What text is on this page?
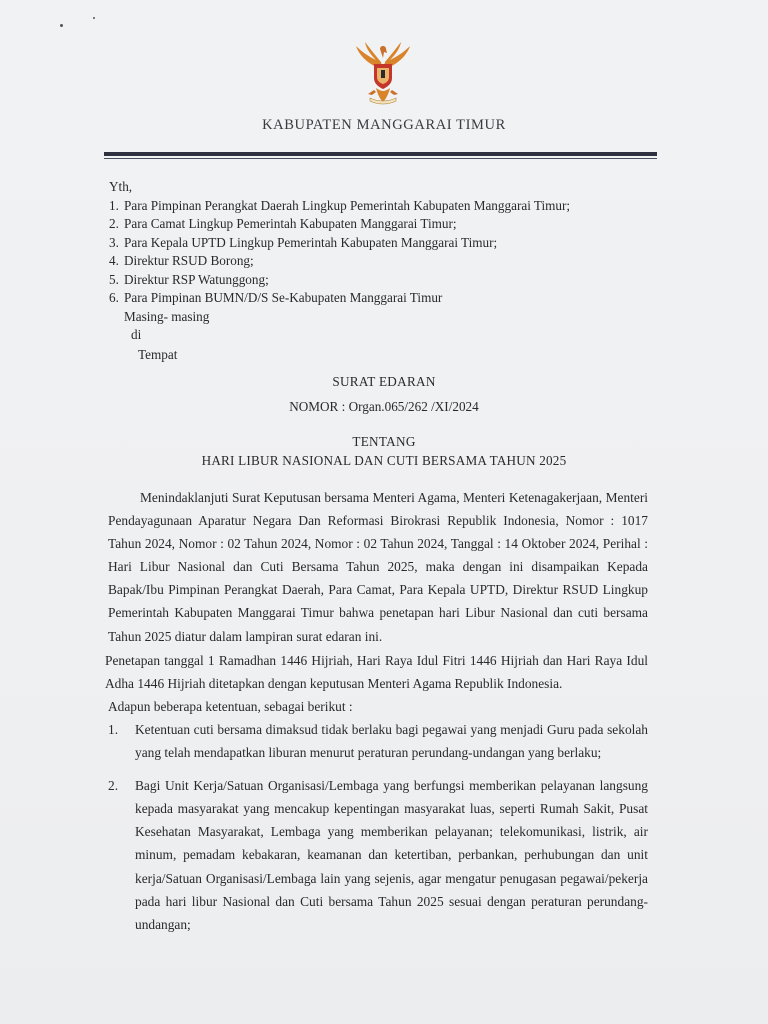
KABUPATEN MANGGARAI TIMUR
Yth,
1. Para Pimpinan Perangkat Daerah Lingkup Pemerintah Kabupaten Manggarai Timur;
2. Para Camat Lingkup Pemerintah Kabupaten Manggarai Timur;
3. Para Kepala UPTD Lingkup Pemerintah Kabupaten Manggarai Timur;
4. Direktur RSUD Borong;
5. Direktur RSP Watunggong;
6. Para Pimpinan BUMN/D/S Se-Kabupaten Manggarai Timur
Masing- masing
di
Tempat
SURAT EDARAN
NOMOR : Organ.065/262 /XI/2024
TENTANG
HARI LIBUR NASIONAL DAN CUTI BERSAMA TAHUN 2025

Menindaklanjuti Surat Keputusan bersama Menteri Agama, Menteri Ketenagakerjaan, Menteri Pendayagunaan Aparatur Negara Dan Reformasi Birokrasi Republik Indonesia, Nomor : 1017 Tahun 2024, Nomor : 02 Tahun 2024, Nomor : 02 Tahun 2024, Tanggal : 14 Oktober 2024, Perihal : Hari Libur Nasional dan Cuti Bersama Tahun 2025, maka dengan ini disampaikan Kepada Bapak/Ibu Pimpinan Perangkat Daerah, Para Camat, Para Kepala UPTD, Direktur RSUD Lingkup Pemerintah Kabupaten Manggarai Timur bahwa penetapan hari Libur Nasional dan cuti bersama Tahun 2025 diatur dalam lampiran surat edaran ini.

Penetapan tanggal 1 Ramadhan 1446 Hijriah, Hari Raya Idul Fitri 1446 Hijriah dan Hari Raya Idul Adha 1446 Hijriah ditetapkan dengan keputusan Menteri Agama Republik Indonesia.

Adapun beberapa ketentuan, sebagai berikut :

1. Ketentuan cuti bersama dimaksud tidak berlaku bagi pegawai yang menjadi Guru pada sekolah yang telah mendapatkan liburan menurut peraturan perundang-undangan yang berlaku;
2. Bagi Unit Kerja/Satuan Organisasi/Lembaga yang berfungsi memberikan pelayanan langsung kepada masyarakat yang mencakup kepentingan masyarakat luas, seperti Rumah Sakit, Pusat Kesehatan Masyarakat, Lembaga yang memberikan pelayanan; telekomunikasi, listrik, air minum, pemadam kebakaran, keamanan dan ketertiban, perbankan, perhubungan dan unit kerja/Satuan Organisasi/Lembaga lain yang sejenis, agar mengatur penugasan pegawai/pekerja pada hari libur Nasional dan Cuti bersama Tahun 2025 sesuai dengan peraturan perundang-undangan;
